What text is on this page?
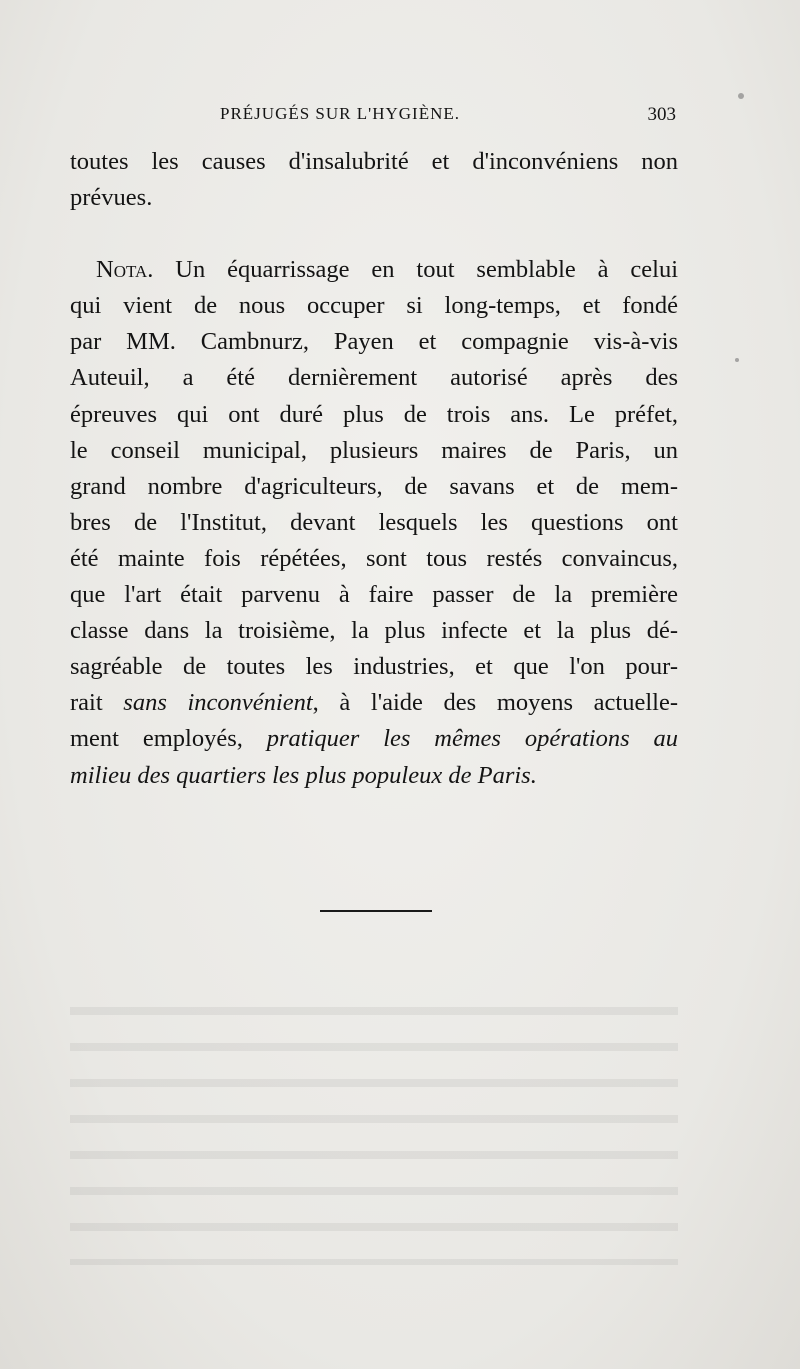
PRÉJUGÉS SUR L'HYGIÈNE.	303
toutes les causes d'insalubrité et d'inconvéniens non
prévues.
Nota. Un équarrissage en tout semblable à celui
qui vient de nous occuper si long-temps, et fondé
par MM. Cambnurz, Payen et compagnie vis-à-vis
Auteuil, a été dernièrement autorisé après des
épreuves qui ont duré plus de trois ans. Le préfet,
le conseil municipal, plusieurs maires de Paris, un
grand nombre d'agriculteurs, de savans et de mem-
bres de l'Institut, devant lesquels les questions ont
été mainte fois répétées, sont tous restés convaincus,
que l'art était parvenu à faire passer de la première
classe dans la troisième, la plus infecte et la plus dé-
sagréable de toutes les industries, et que l'on pour-
rait sans inconvénient, à l'aide des moyens actuelle-
ment employés, pratiquer les mêmes opérations au
milieu des quartiers les plus populeux de Paris.
